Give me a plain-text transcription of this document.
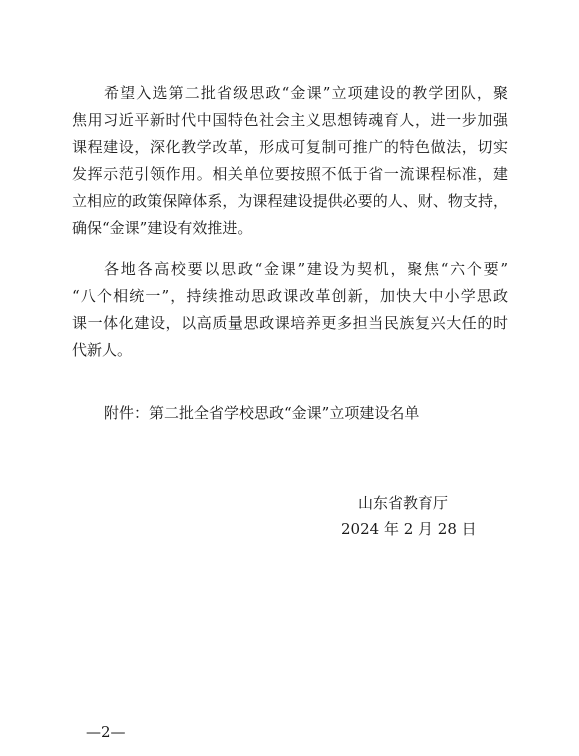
希望入选第二批省级思政“金课”立项建设的教学团队，聚
焦用习近平新时代中国特色社会主义思想铸魂育人，进一步加强
课程建设，深化教学改革，形成可复制可推广的特色做法，切实
发挥示范引领作用。相关单位要按照不低于省一流课程标准，建
立相应的政策保障体系，为课程建设提供必要的人、财、物支持，
确保“金课”建设有效推进。
各地各高校要以思政“金课”建设为契机，聚焦“六个要”
“八个相统一”，持续推动思政课改革创新，加快大中小学思政
课一体化建设，以高质量思政课培养更多担当民族复兴大任的时
代新人。
附件：第二批全省学校思政“金课”立项建设名单
山东省教育厅
2024 年 2 月 28 日
—2—
